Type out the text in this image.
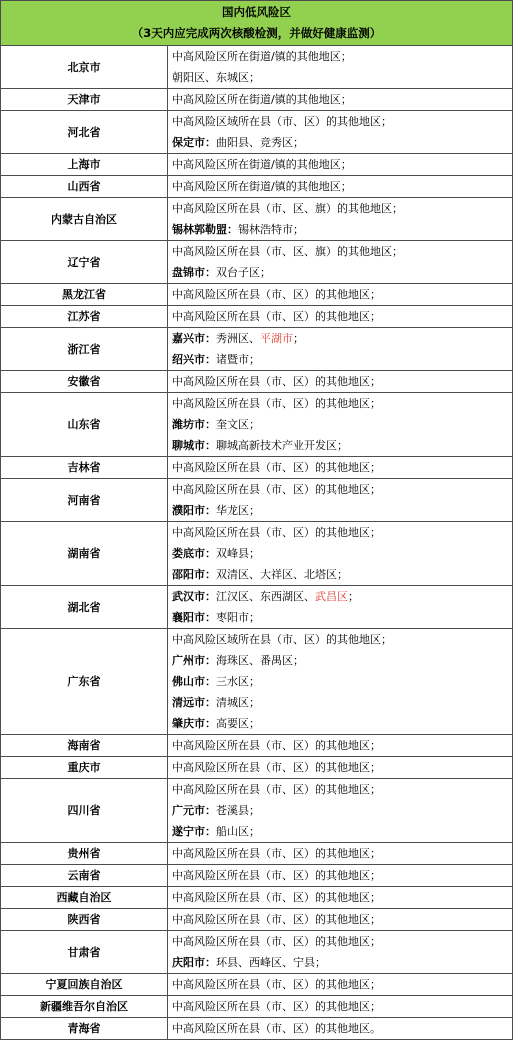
国内低风险区
（3天内应完成两次核酸检测，并做好健康监测）	

北京市	中高风险区所在街道/镇的其他地区；
朝阳区、东城区；

天津市	中高风险区所在街道/镇的其他地区；

河北省	中高风险区域所在县（市、区）的其他地区；
保定市：曲阳县、竞秀区；

上海市	中高风险区所在街道/镇的其他地区；

山西省	中高风险区所在街道/镇的其他地区；

内蒙古自治区	中高风险区所在县（市、区、旗）的其他地区；
锡林郭勒盟：锡林浩特市；

辽宁省	中高风险区所在县（市、区、旗）的其他地区；
盘锦市：双台子区；

黑龙江省	中高风险区所在县（市、区）的其他地区；

江苏省	中高风险区所在县（市、区）的其他地区；

浙江省	嘉兴市：秀洲区、平湖市；
绍兴市：诸暨市；

安徽省	中高风险区所在县（市、区）的其他地区；

山东省	中高风险区所在县（市、区）的其他地区；
潍坊市：奎文区；
聊城市：聊城高新技术产业开发区；

吉林省	中高风险区所在县（市、区）的其他地区；

河南省	中高风险区所在县（市、区）的其他地区；
濮阳市：华龙区；

湖南省	中高风险区所在县（市、区）的其他地区；
娄底市：双峰县；
邵阳市：双清区、大祥区、北塔区；

湖北省	武汉市：江汉区、东西湖区、武昌区；
襄阳市：枣阳市；

广东省	中高风险区域所在县（市、区）的其他地区；
广州市：海珠区、番禺区；
佛山市：三水区；
清远市：清城区；
肇庆市：高要区；

海南省	中高风险区所在县（市、区）的其他地区；

重庆市	中高风险区所在县（市、区）的其他地区；

四川省	中高风险区所在县（市、区）的其他地区；
广元市：苍溪县；
遂宁市：船山区；

贵州省	中高风险区所在县（市、区）的其他地区；

云南省	中高风险区所在县（市、区）的其他地区；

西藏自治区	中高风险区所在县（市、区）的其他地区；

陕西省	中高风险区所在县（市、区）的其他地区；

甘肃省	中高风险区所在县（市、区）的其他地区；
庆阳市：环县、西峰区、宁县；

宁夏回族自治区	中高风险区所在县（市、区）的其他地区；

新疆维吾尔自治区	中高风险区所在县（市、区）的其他地区；

青海省	中高风险区所在县（市、区）的其他地区。
